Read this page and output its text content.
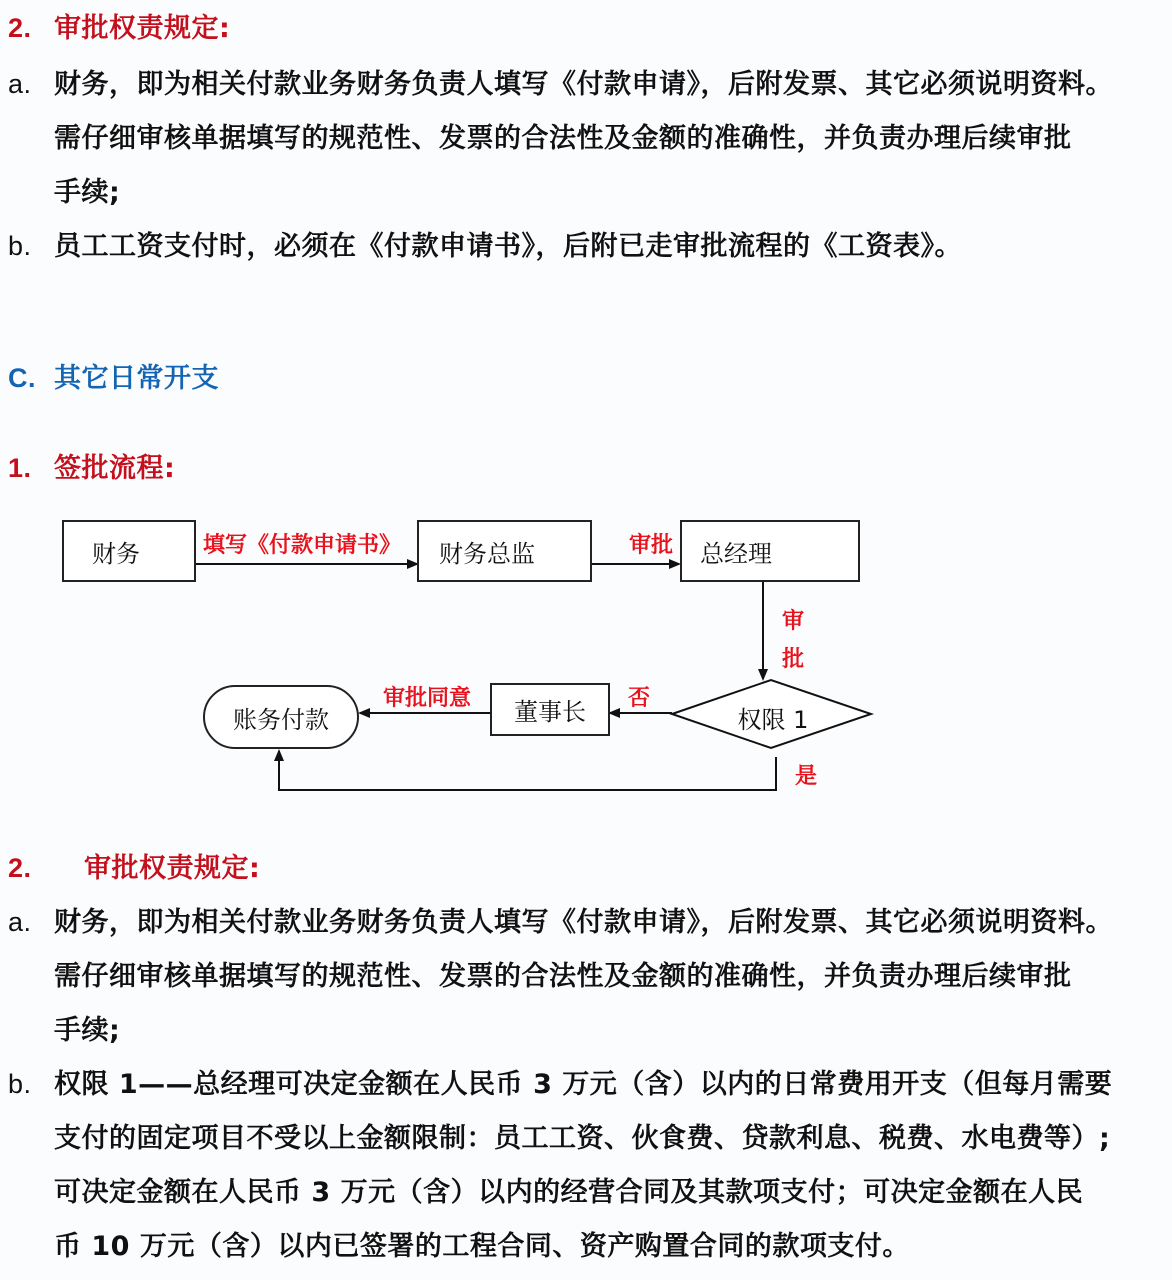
2. 审批权责规定:
a. 财务，即为相关付款业务财务负责人填写《付款申请》，后附发票、其它必须说明资料。
需仔细审核单据填写的规范性、发票的合法性及金额的准确性，并负责办理后续审批
手续;
b. 员工工资支付时，必须在《付款申请书》，后附已走审批流程的《工资表》。
C. 其它日常开支
1. 签批流程:
财务	财务总监	总经理
权限 1
董事长
账务付款
填写《付款申请书》	审批
审
批
否
审批同意
是
2. 审批权责规定:
a. 财务，即为相关付款业务财务负责人填写《付款申请》，后附发票、其它必须说明资料。
需仔细审核单据填写的规范性、发票的合法性及金额的准确性，并负责办理后续审批
手续;
b. 权限 1——总经理可决定金额在人民币 3 万元（含）以内的日常费用开支（但每月需要
支付的固定项目不受以上金额限制：员工工资、伙食费、贷款利息、税费、水电费等）;
可决定金额在人民币 3 万元（含）以内的经营合同及其款项支付；可决定金额在人民
币 10 万元（含）以内已签署的工程合同、资产购置合同的款项支付。
